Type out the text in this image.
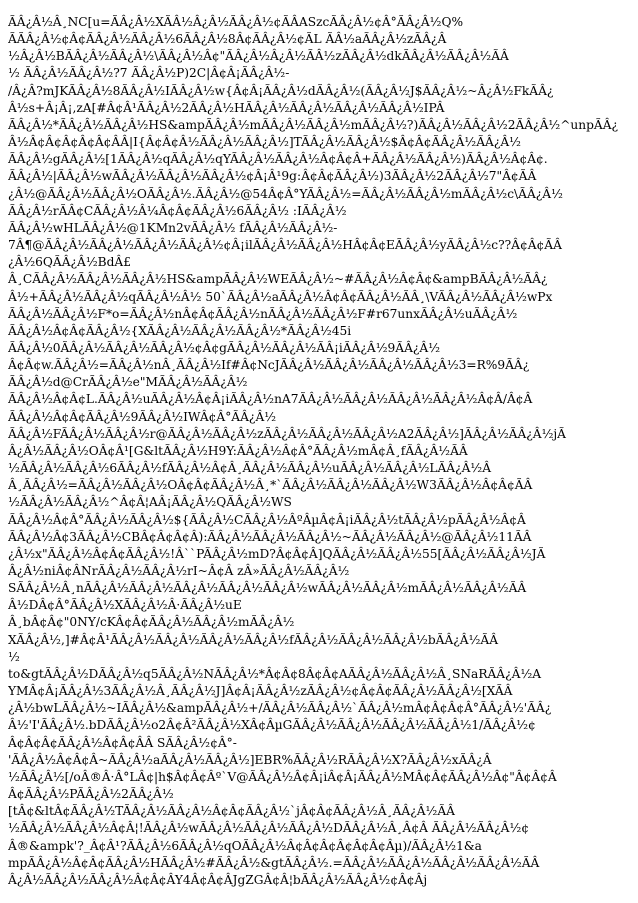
ÃÂ¿Â½Â¸NC[u=ÃÂ¿Â½XÃÂ½Â¿Â½ÃÂ¿Â½¢ÃÂASzcÃÂ¿Â½¢Â°ÃÂ¿Â½Q%
ÃÃÂ¿Â½¢Â¢ÃÂ¿Â½ÃÂ¿Â½6ÃÂ¿Â½8Â¢ÃÂ¿Â½¢ÃL ÃÂ½aÃÂ¿Â½zÃÂ¿Â
½Â¿Â½BÃÂ¿Â½ÃÂ¿Â½\ÃÂ¿Â½Â¢"ÃÂ¿Â½Â¿Â½ÃÂ½zÃÂ¿Â½dkÃÂ¿Â½ÃÂ¿Â½ÃÂ
½ ÃÂ¿Â½ÃÂ¿Â½?7 ÃÂ¿Â½P)2C|Â¢Â¡ÃÂ¿Â½-
/Â¿Â?mJKÃÂ¿Â½8ÃÂ¿Â½IÃÂ¿Â½w{Â¢Â¡ÃÂ¿Â½dÃÂ¿Â½(ÃÂ¿Â½J$ÃÂ¿Â½~Â¿Â½FkÃÂ¿
Â½s+Â¡Â¡,zA[#Â¢Â¹ÃÂ¿Â½2ÃÂ¿Â½HÃÂ¿Â½ÃÂ¿Â½ÃÂ¿Â½ÃÂ¿Â½IPÂ
ÃÂ¿Â½*ÃÂ¿Â½ÃÂ¿Â½HS&ampÃÂ¿Â½mÃÂ¿Â½ÃÂ¿Â½mÃÂ¿Â½?)ÃÂ¿Â½ÃÂ¿Â½2ÃÂ¿Â½^unpÃÂ¿
Â½Â¢Â¢Â¢Â¢Â¢ÂÂ|I{Â¢Â¢Â½ÃÂ¿Â½ÃÂ¿Â½]TÃÂ¿Â½ÃÂ¿Â½$Â¢Â¢ÃÂ¿Â½ÃÂ¿Â½
ÃÂ¿Â½gÃÂ¿Â½[1ÃÂ¿Â½qÃÂ¿Â½qYÃÂ¿Â½ÃÂ¿Â½Â¢Â¢Â+ÃÂ¿Â½ÃÂ¿Â½)ÃÂ¿Â½Â¢Â¢.
ÃÂ¿Â½|ÃÂ¿Â½wÃÂ¿Â½ÃÂ¿Â½ÃÂ¿Â½¢Â¡Â¹9g:Â¢Â¢ÃÂ¿Â½)3ÃÂ¿Â½2ÃÂ¿Â½7"Â¢ÃÂ
¿Â½@ÃÂ¿Â½ÃÂ¿Â½OÃÂ¿Â½.ÃÂ¿Â½@54Â¢Â°YÃÂ¿Â½=ÃÂ¿Â½ÃÂ¿Â½mÃÂ¿Â½c\ÃÂ¿Â½
ÃÂ¿Â½rÃÂ¢CÃÂ¿Â½Â¼Â¢Â¢ÃÂ¿Â½6ÃÂ¿Â½ :IÃÂ¿Â½
ÃÂ¿Â½wHLÃÂ¿Â½@1KMn2vÃÂ¿Â½ fÃÂ¿Â½ÃÂ¿Â½-
7Â¶@ÃÂ¿Â½ÃÂ¿Â½ÃÂ¿Â½ÃÂ¿Â½¢Â¡ilÃÂ¿Â½ÃÂ¿Â½HÂ¢Â¢EÃÂ¿Â½yÃÂ¿Â½c??Â¢Â¢ÃÂ
¿Â½6QÃÂ¿Â½BdÂ£
Â¸CÃÂ¿Â½ÃÂ¿Â½ÃÂ¿Â½HS&ampÃÂ¿Â½WEÃÂ¿Â½~#ÃÂ¿Â½Â¢Â¢&ampBÃÂ¿Â½ÃÂ¿
Â½+ÃÂ¿Â½ÃÂ¿Â½qÃÂ¿Â½Â½ 50`ÃÂ¿Â½aÃÂ¿Â½Â¢Â¢ÃÂ¿Â½ÃÂ¸\VÃÂ¿Â½ÃÂ¿Â½wPx
ÃÂ¿Â½ÃÂ¿Â½F*o=ÃÂ¿Â½nÂ¢Â¢ÃÂ¿Â½nÃÂ¿Â½ÃÂ¿Â½F#r67unxÃÂ¿Â½uÃÂ¿Â½
ÃÂ¿Â½Â¢Â¢ÃÂ¿Â½{XÃÂ¿Â½ÃÂ¿Â½ÃÂ¿Â½*ÃÂ¿Â½45i
ÃÂ¿Â½0ÃÂ¿Â½ÃÂ¿Â½ÃÂ¿Â½¢Â¢gÃÂ¿Â½ÃÂ¿Â½ÃÂ¡iÃÂ¿Â½9ÃÂ¿Â½
Â¢Â¢w.ÃÂ¿Â½=ÃÂ¿Â½nÂ¸ÃÂ¿Â½If#Â¢NcJÃÂ¿Â½ÃÂ¿Â½ÃÂ¿Â½ÃÂ¿Â½3=R%9ÃÂ¿
ÃÂ¿Â½d@CrÃÂ¿Â½e"MÃÂ¿Â½ÃÂ¿Â½
ÃÂ¿Â½Â¢Â¢L.ÃÂ¿Â½uÃÂ¿Â½Â¢Â¡iÃÂ¿Â½nA7ÃÂ¿Â½ÃÂ¿Â½ÃÂ¿Â½ÃÂ¿Â½Â¢Â/Â¢Â
ÃÂ¿Â½Â¢Â¢ÃÂ¿Â½9ÃÂ¿Â½IWÂ¢Â°ÃÂ¿Â½
ÃÂ¿Â½FÃÂ¿Â½ÃÂ¿Â½r@ÃÂ¿Â½ÃÂ¿Â½zÃÂ¿Â½ÃÂ¿Â½ÃÂ¿Â½A2ÃÂ¿Â½]ÃÂ¿Â½ÃÂ¿Â½jÃ
Â¿Â½ÃÂ¿Â½OÂ¢Â¹[G&ltÃÂ¿Â½H9Y:ÃÂ¿Â½Â¢Â°ÃÂ¿Â½mÂ¢Â¸fÃÂ¿Â½ÃÂ
½ÃÂ¿Â½ÃÂ¿Â½6ÃÂ¿Â½fÃÂ¿Â½Â¢Â¸ÃÂ¿Â½ÃÂ¿Â½uÃÂ¿Â½ÃÂ¿Â½LÃÂ¿Â½Â
Â¸ÃÂ¿Â½=ÃÂ¿Â½ÃÂ¿Â½OÂ¢Â¢ÃÂ¿Â½Â¸*`ÃÂ¿Â½ÃÂ¿Â½ÃÂ¿Â½W3ÃÂ¿Â½Â¢Â¢ÃÂ
½ÃÂ¿Â½ÃÂ¿Â½^Â¢Â¦AÂ¡ÃÂ¿Â½QÃÂ¿Â½WS
ÃÂ¿Â½Â¢Â°ÃÂ¿Â½ÃÂ¿Â½${ÃÂ¿Â½CÃÂ¿Â½ÂºÂµÂ¢Â¡iÃÂ¿Â½tÃÂ¿Â½pÃÂ¿Â½Â¢Â
ÃÂ¿Â½Â¢3ÃÂ¿Â½CBÂ¢Â¢Â¢Â):ÃÂ¿Â½ÃÂ¿Â½ÃÂ¿Â½~ÃÂ¿Â½ÃÂ¿Â½@ÃÂ¿Â½11ÃÂ
¿Â½x"ÃÂ¿Â½Â¢Â¢ÃÂ¿Â½!Â``PÃÂ¿Â½mD?Â¢Â¢Â]QÃÂ¿Â½ÃÂ¿Â½55[ÃÂ¿Â½ÃÂ¿Â½JÃ
Â¿Â½niÂ¢ÂNrÃÂ¿Â½ÃÂ¿Â½rI~Â¢Â zÂ»ÃÂ¿Â½ÃÂ¿Â½
SÃÂ¿Â½Â¸nÃÂ¿Â½ÃÂ¿Â½ÃÂ¿Â½ÃÂ¿Â½ÃÂ¿Â½wÃÂ¿Â½ÃÂ¿Â½mÃÂ¿Â½ÃÂ¿Â½ÃÂ
Â½DÂ¢Â°ÃÂ¿Â½XÃÂ¿Â½Â·ÃÂ¿Â½uE
Â¸bÂ¢Â¢"0NY/cKÂ¢Â¢ÃÂ¿Â½ÃÂ¿Â½mÃÂ¿Â½
XÃÂ¿Â½,]#Â¢Â¹ÃÂ¿Â½ÃÂ¿Â½ÃÂ¿Â½ÃÂ¿Â½fÃÂ¿Â½ÃÂ¿Â½ÃÂ¿Â½bÃÂ¿Â½ÃÂ
½
to&gtÃÂ¿Â½DÃÂ¿Â½q5ÃÂ¿Â½NÃÂ¿Â½*Â¢Â¢8Â¢Â¢AÃÂ¿Â½ÃÂ¿Â½Â¸SNaRÃÂ¿Â½A
YMÂ¢Â¡ÃÂ¿Â½3ÃÂ¿Â½Â¸ÃÂ¿Â½J]Â¢Â¡ÃÂ¿Â½zÃÂ¿Â½¢Â¢Â¢ÃÂ¿Â½ÃÂ¿Â½[XÃÂ
¿Â½bwLÃÂ¿Â½~IÃÂ¿Â½&ampÃÂ¿Â½+/ÃÂ¿Â½ÃÂ¿Â½`ÃÂ¿Â½mÂ¢Â¢Â¢Â°ÃÂ¿Â½'ÃÂ¿
Â½'I'ÃÂ¿Â½.bDÃÂ¿Â½o2Â¢Â²ÃÂ¿Â½XÂ¢ÂµGÃÂ¿Â½ÃÂ¿Â½ÃÂ¿Â½ÃÂ¿Â½1/ÃÂ¿Â½¢
Â¢Â¢Â¢ÃÂ¿Â½Â¢Â¢ÂÂ SÃÂ¿Â½¢Â°-
'ÃÂ¿Â½Â¢Â¢Â~ÃÂ¿Â½aÃÂ¿Â½ÃÂ¿Â½]EBR%ÃÂ¿Â½RÃÂ¿Â½X?ÃÂ¿Â½xÃÂ¿Â
½ÃÂ¿Â½[/oÂ®Â·Â°LÂ¢|h$Â¢Â¢Âº`V@ÃÂ¿Â½Â¢Â¡iÂ¢Â¡ÃÂ¿Â½MÂ¢Â¢ÃÂ¿Â½Â¢"Â¢Â¢Â
Â¢ÃÂ¿Â½PÃÂ¿Â½2ÃÂ¿Â½
[tÂ¢&ltÂ¢ÃÂ¿Â½TÃÂ¿Â½ÃÂ¿Â½Â¢Â¢ÃÂ¿Â½`jÂ¢Â¢ÃÂ¿Â½Â¸ÃÂ¿Â½ÃÂ
½ÃÂ¿Â½ÃÂ¿Â½Â¢Â¦!ÃÂ¿Â½wÃÂ¿Â½ÃÂ¿Â½ÃÂ¿Â½DÃÂ¿Â½Â¸Â¢Â ÃÂ¿Â½ÃÂ¿Â½¢
Â®&ampk'?_Â¢Â¹?ÃÂ¿Â½6ÃÂ¿Â½qOÃÂ¿Â½Â¢Â¢Â¢Â¢Â¢Â¢Âµ)/ÃÂ¿Â½1&a
mpÃÂ¿Â½Â¢Â¢ÃÂ¿Â½HÃÂ¿Â½#ÃÂ¿Â½&gtÃÂ¿Â½.=ÃÂ¿Â½ÃÂ¿Â½ÃÂ¿Â½ÃÂ¿Â½ÃÂ
Â¿Â½ÃÂ¿Â½ÃÂ¿Â½Â¢Â¢ÂY4Â¢Â¢ÂJgZGÂ¢Â¦bÃÂ¿Â½ÃÂ¿Â½¢Â¢Âj
